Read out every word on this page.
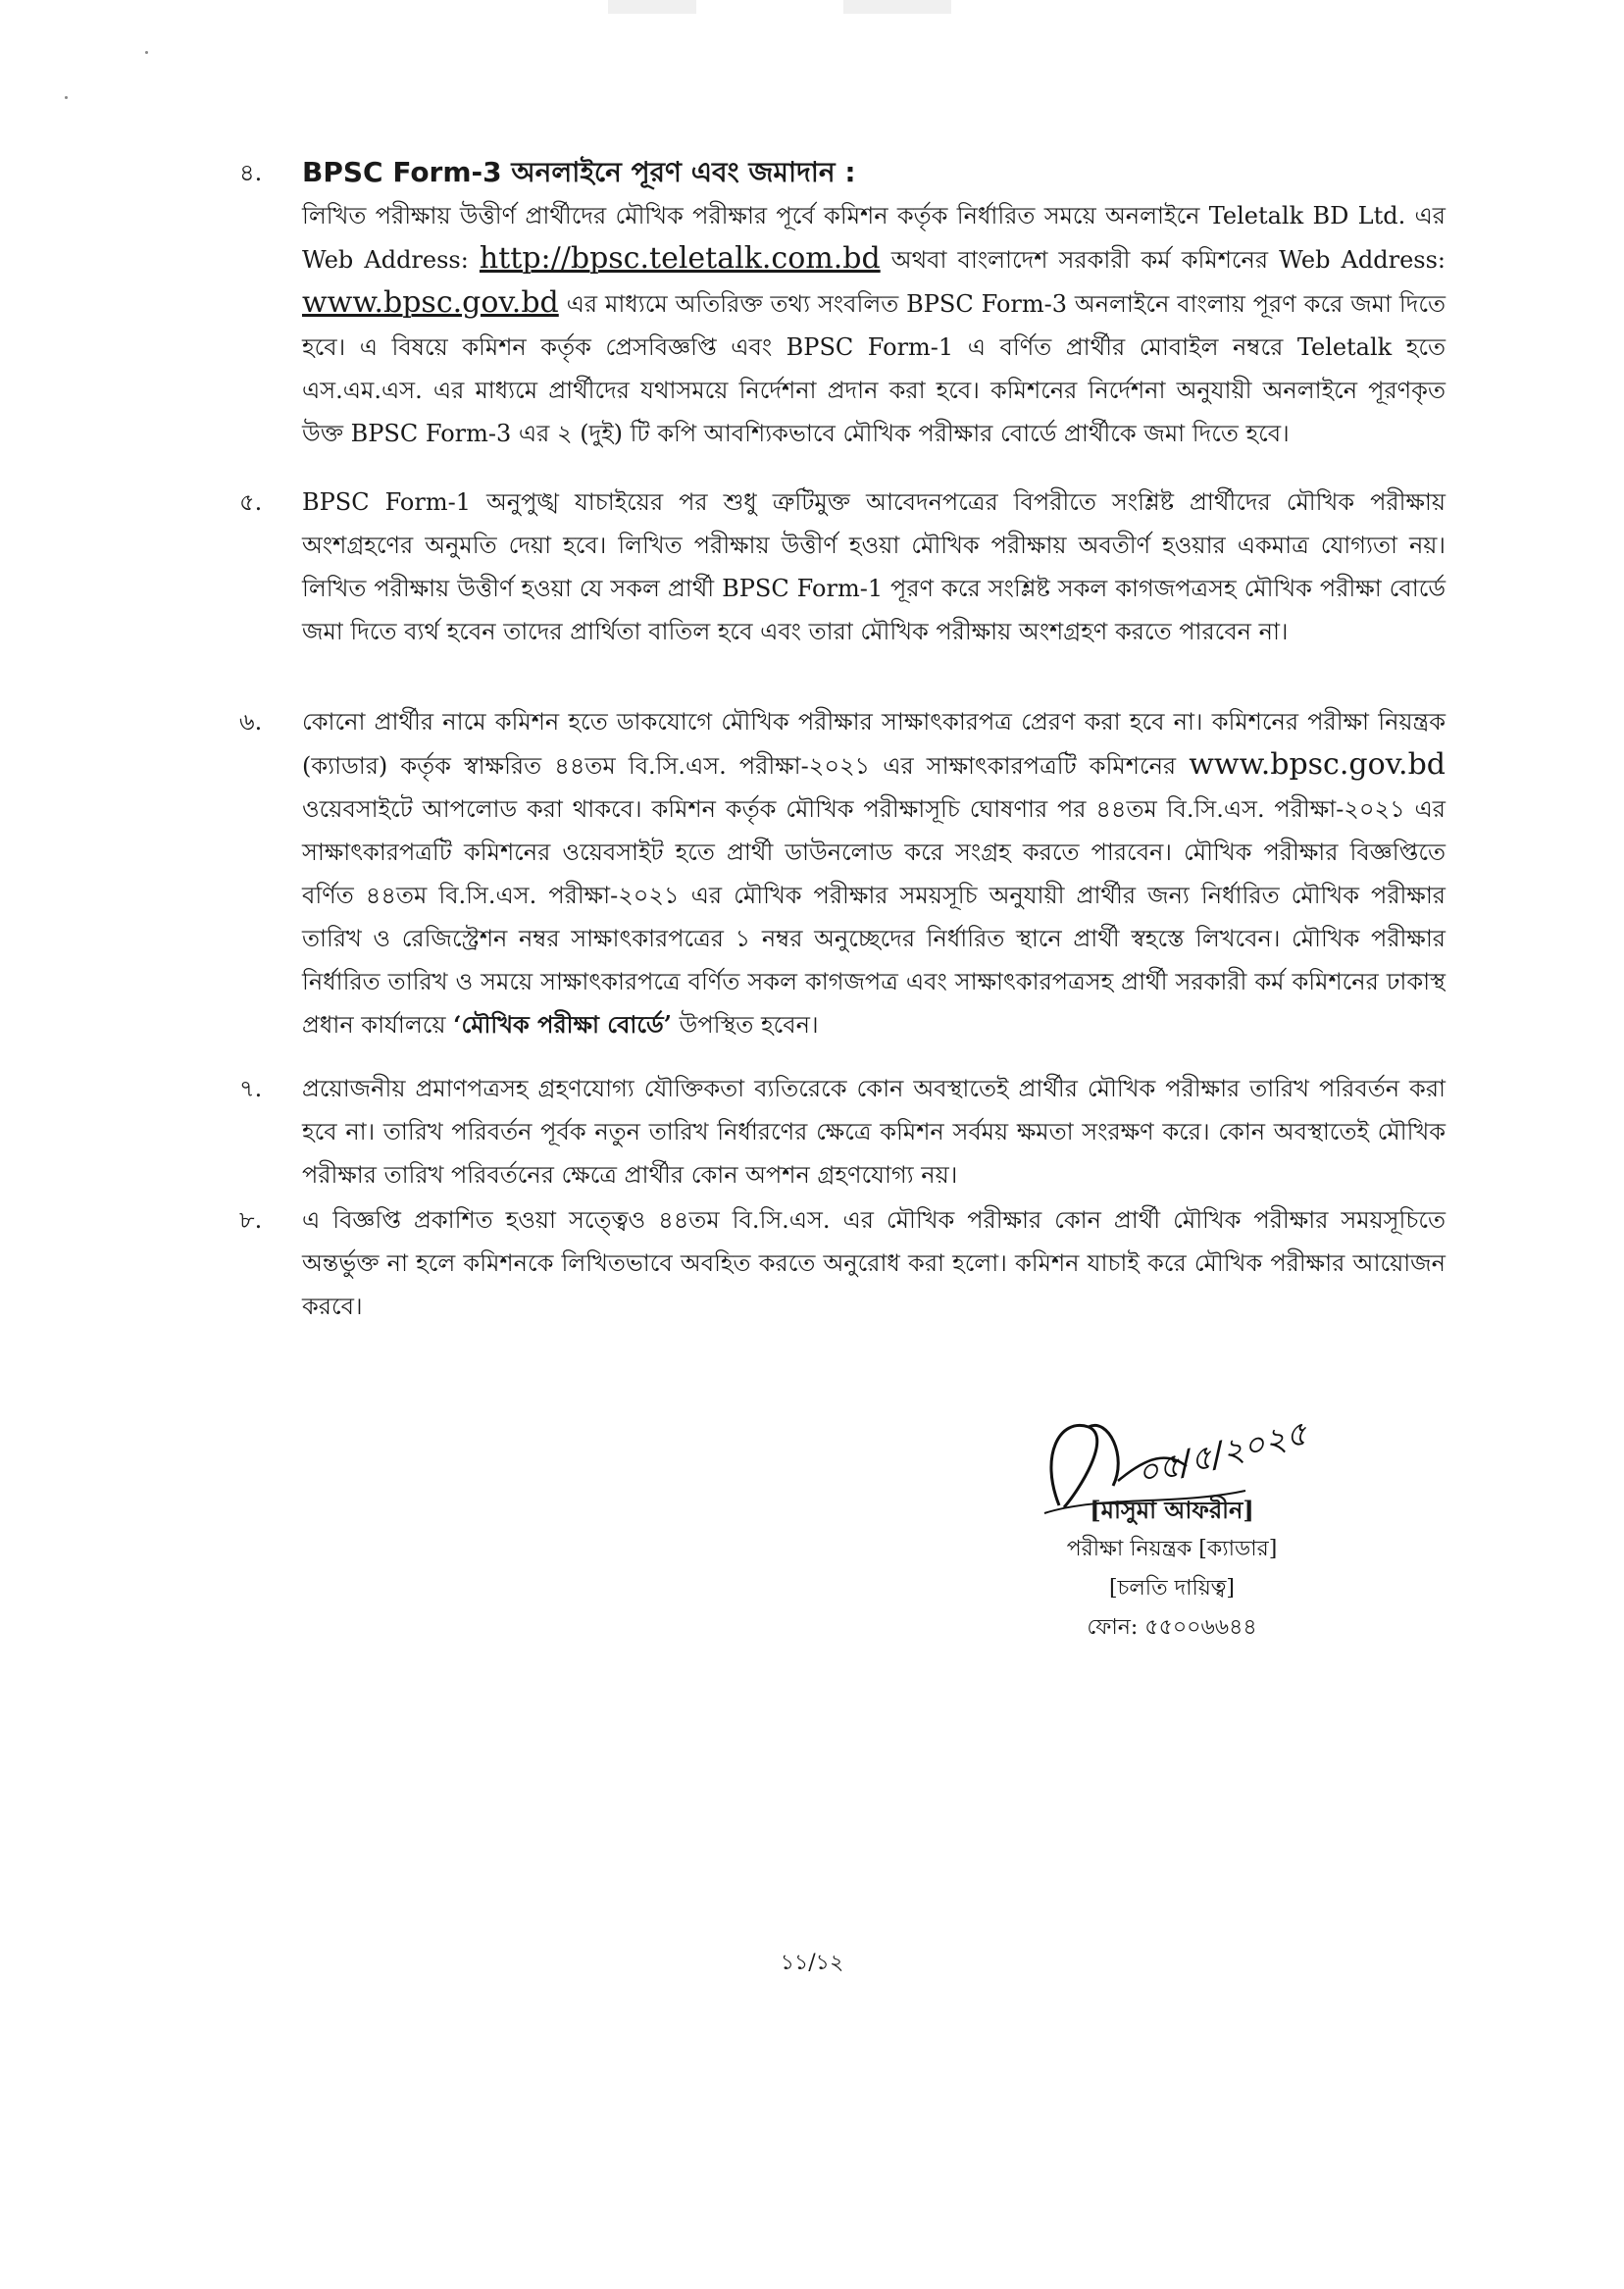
৪.	BPSC Form-3 অনলাইনে পূরণ এবং জমাদান :
লিখিত পরীক্ষায় উত্তীর্ণ প্রার্থীদের মৌখিক পরীক্ষার পূর্বে কমিশন কর্তৃক নির্ধারিত সময়ে অনলাইনে Teletalk BD Ltd. এর Web Address: http://bpsc.teletalk.com.bd অথবা বাংলাদেশ সরকারী কর্ম কমিশনের Web Address: www.bpsc.gov.bd এর মাধ্যমে অতিরিক্ত তথ্য সংবলিত BPSC Form-3 অনলাইনে বাংলায় পূরণ করে জমা দিতে হবে। এ বিষয়ে কমিশন কর্তৃক প্রেসবিজ্ঞপ্তি এবং BPSC Form-1 এ বর্ণিত প্রার্থীর মোবাইল নম্বরে Teletalk হতে এস.এম.এস. এর মাধ্যমে প্রার্থীদের যথাসময়ে নির্দেশনা প্রদান করা হবে। কমিশনের নির্দেশনা অনুযায়ী অনলাইনে পূরণকৃত উক্ত BPSC Form-3 এর ২ (দুই) টি কপি আবশ্যিকভাবে মৌখিক পরীক্ষার বোর্ডে প্রার্থীকে জমা দিতে হবে।
৫.	BPSC Form-1 অনুপুঙ্খ যাচাইয়ের পর শুধু ত্রুটিমুক্ত আবেদনপত্রের বিপরীতে সংশ্লিষ্ট প্রার্থীদের মৌখিক পরীক্ষায় অংশগ্রহণের অনুমতি দেয়া হবে। লিখিত পরীক্ষায় উত্তীর্ণ হওয়া মৌখিক পরীক্ষায় অবতীর্ণ হওয়ার একমাত্র যোগ্যতা নয়। লিখিত পরীক্ষায় উত্তীর্ণ হওয়া যে সকল প্রার্থী BPSC Form-1 পূরণ করে সংশ্লিষ্ট সকল কাগজপত্রসহ মৌখিক পরীক্ষা বোর্ডে জমা দিতে ব্যর্থ হবেন তাদের প্রার্থিতা বাতিল হবে এবং তারা মৌখিক পরীক্ষায় অংশগ্রহণ করতে পারবেন না।
৬.	কোনো প্রার্থীর নামে কমিশন হতে ডাকযোগে মৌখিক পরীক্ষার সাক্ষাৎকারপত্র প্রেরণ করা হবে না। কমিশনের পরীক্ষা নিয়ন্ত্রক (ক্যাডার) কর্তৃক স্বাক্ষরিত ৪৪তম বি.সি.এস. পরীক্ষা-২০২১ এর সাক্ষাৎকারপত্রটি কমিশনের www.bpsc.gov.bd ওয়েবসাইটে আপলোড করা থাকবে। কমিশন কর্তৃক মৌখিক পরীক্ষাসূচি ঘোষণার পর ৪৪তম বি.সি.এস. পরীক্ষা-২০২১ এর সাক্ষাৎকারপত্রটি কমিশনের ওয়েবসাইট হতে প্রার্থী ডাউনলোড করে সংগ্রহ করতে পারবেন। মৌখিক পরীক্ষার বিজ্ঞপ্তিতে বর্ণিত ৪৪তম বি.সি.এস. পরীক্ষা-২০২১ এর মৌখিক পরীক্ষার সময়সূচি অনুযায়ী প্রার্থীর জন্য নির্ধারিত মৌখিক পরীক্ষার তারিখ ও রেজিস্ট্রেশন নম্বর সাক্ষাৎকারপত্রের ১ নম্বর অনুচ্ছেদের নির্ধারিত স্থানে প্রার্থী স্বহস্তে লিখবেন। মৌখিক পরীক্ষার নির্ধারিত তারিখ ও সময়ে সাক্ষাৎকারপত্রে বর্ণিত সকল কাগজপত্র এবং সাক্ষাৎকারপত্রসহ প্রার্থী সরকারী কর্ম কমিশনের ঢাকাস্থ প্রধান কার্যালয়ে ‘মৌখিক পরীক্ষা বোর্ডে’ উপস্থিত হবেন।
৭.	প্রয়োজনীয় প্রমাণপত্রসহ গ্রহণযোগ্য যৌক্তিকতা ব্যতিরেকে কোন অবস্থাতেই প্রার্থীর মৌখিক পরীক্ষার তারিখ পরিবর্তন করা হবে না। তারিখ পরিবর্তন পূর্বক নতুন তারিখ নির্ধারণের ক্ষেত্রে কমিশন সর্বময় ক্ষমতা সংরক্ষণ করে। কোন অবস্থাতেই মৌখিক পরীক্ষার তারিখ পরিবর্তনের ক্ষেত্রে প্রার্থীর কোন অপশন গ্রহণযোগ্য নয়।
৮.	এ বিজ্ঞপ্তি প্রকাশিত হওয়া সত্ত্বেও ৪৪তম বি.সি.এস. এর মৌখিক পরীক্ষার কোন প্রার্থী মৌখিক পরীক্ষার সময়সূচিতে অন্তর্ভুক্ত না হলে কমিশনকে লিখিতভাবে অবহিত করতে অনুরোধ করা হলো। কমিশন যাচাই করে মৌখিক পরীক্ষার আয়োজন করবে।
০৫/৫/২০২৫
[মাসুমা আফরীন]
পরীক্ষা নিয়ন্ত্রক [ক্যাডার]
[চলতি দায়িত্ব]
ফোন: ৫৫০০৬৬৪৪
১১/১২
